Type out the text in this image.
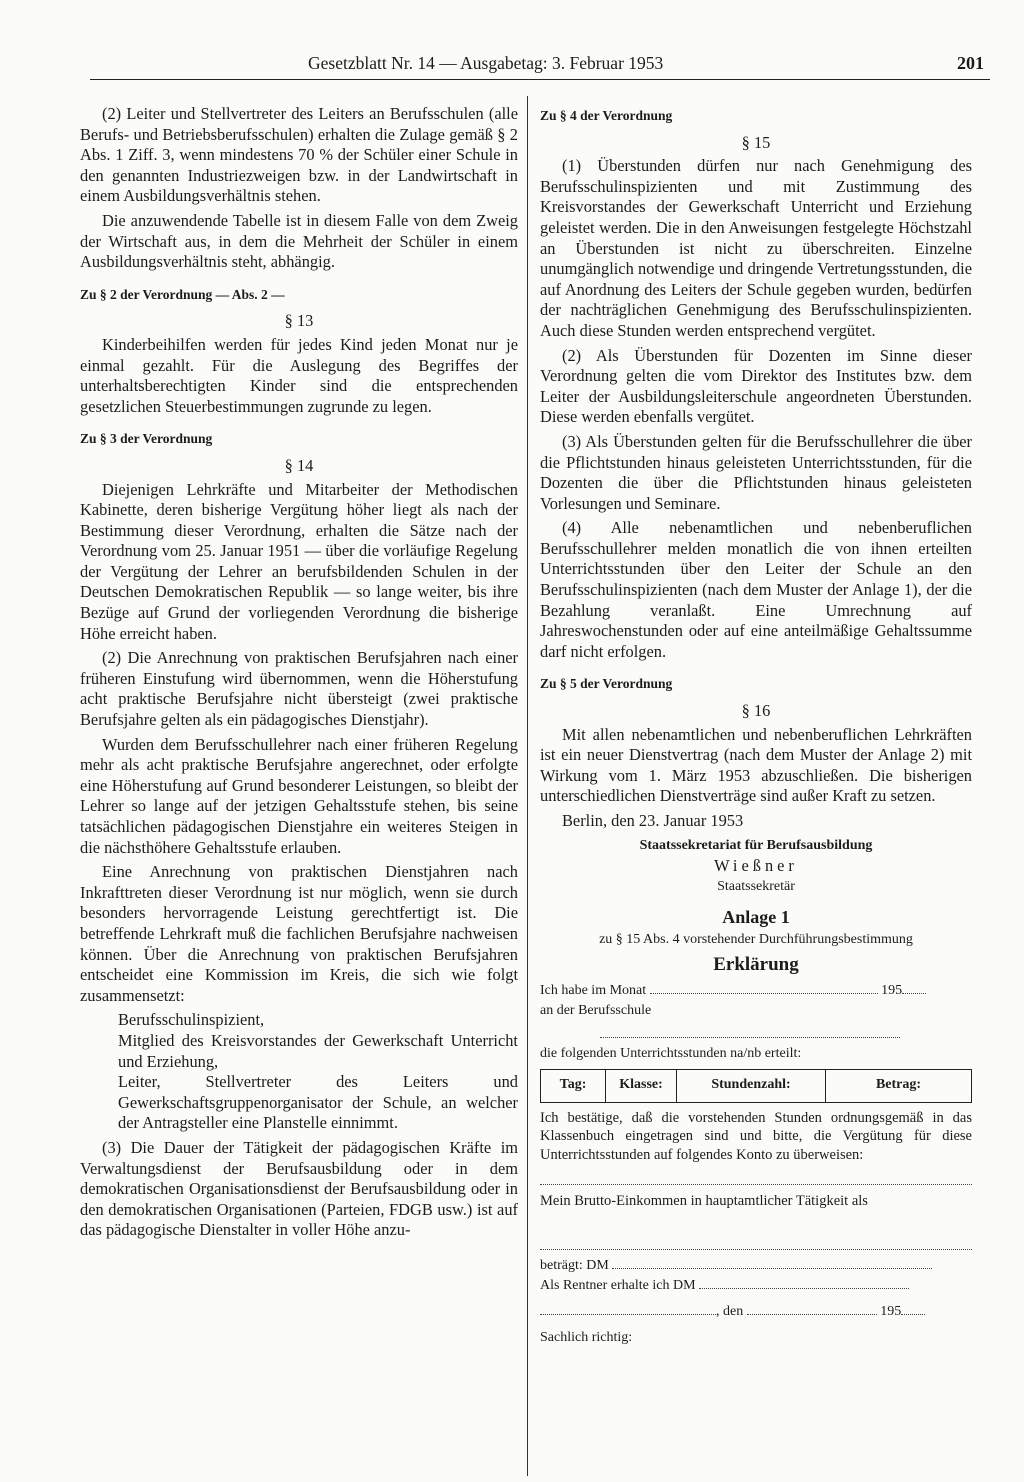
Gesetzblatt Nr. 14 — Ausgabetag: 3. Februar 1953	201

(2) Leiter und Stellvertreter des Leiters an Berufsschulen (alle Berufs- und Betriebsberufsschulen) erhalten die Zulage gemäß § 2 Abs. 1 Ziff. 3, wenn mindestens 70 % der Schüler einer Schule in den genannten Industriezweigen bzw. in der Landwirtschaft in einem Ausbildungsverhältnis stehen.

Die anzuwendende Tabelle ist in diesem Falle von dem Zweig der Wirtschaft aus, in dem die Mehrheit der Schüler in einem Ausbildungsverhältnis steht, abhängig.

Zu § 2 der Verordnung — Abs. 2 —
§ 13

Kinderbeihilfen werden für jedes Kind jeden Monat nur je einmal gezahlt. Für die Auslegung des Begriffes der unterhaltsberechtigten Kinder sind die entsprechenden gesetzlichen Steuerbestimmungen zugrunde zu legen.

Zu § 3 der Verordnung
§ 14

Diejenigen Lehrkräfte und Mitarbeiter der Methodischen Kabinette, deren bisherige Vergütung höher liegt als nach der Bestimmung dieser Verordnung, erhalten die Sätze nach der Verordnung vom 25. Januar 1951 — über die vorläufige Regelung der Vergütung der Lehrer an berufsbildenden Schulen in der Deutschen Demokratischen Republik — so lange weiter, bis ihre Bezüge auf Grund der vorliegenden Verordnung die bisherige Höhe erreicht haben.

(2) Die Anrechnung von praktischen Berufsjahren nach einer früheren Einstufung wird übernommen, wenn die Höherstufung acht praktische Berufsjahre nicht übersteigt (zwei praktische Berufsjahre gelten als ein pädagogisches Dienstjahr).

Wurden dem Berufsschullehrer nach einer früheren Regelung mehr als acht praktische Berufsjahre angerechnet, oder erfolgte eine Höherstufung auf Grund besonderer Leistungen, so bleibt der Lehrer so lange auf der jetzigen Gehaltsstufe stehen, bis seine tatsächlichen pädagogischen Dienstjahre ein weiteres Steigen in die nächsthöhere Gehaltsstufe erlauben.

Eine Anrechnung von praktischen Dienstjahren nach Inkrafttreten dieser Verordnung ist nur möglich, wenn sie durch besonders hervorragende Leistung gerechtfertigt ist. Die betreffende Lehrkraft muß die fachlichen Berufsjahre nachweisen können. Über die Anrechnung von praktischen Berufsjahren entscheidet eine Kommission im Kreis, die sich wie folgt zusammensetzt:

Berufsschulinspizient,
Mitglied des Kreisvorstandes der Gewerkschaft Unterricht und Erziehung,
Leiter, Stellvertreter des Leiters und Gewerkschaftsgruppenorganisator der Schule, an welcher der Antragsteller eine Planstelle einnimmt.

(3) Die Dauer der Tätigkeit der pädagogischen Kräfte im Verwaltungsdienst der Berufsausbildung oder in dem demokratischen Organisationsdienst der Berufsausbildung oder in den demokratischen Organisationen (Parteien, FDGB usw.) ist auf das pädagogische Dienstalter in voller Höhe anzu-

Zu § 4 der Verordnung
§ 15

(1) Überstunden dürfen nur nach Genehmigung des Berufsschulinspizienten und mit Zustimmung des Kreisvorstandes der Gewerkschaft Unterricht und Erziehung geleistet werden. Die in den Anweisungen festgelegte Höchstzahl an Überstunden ist nicht zu überschreiten. Einzelne unumgänglich notwendige und dringende Vertretungsstunden, die auf Anordnung des Leiters der Schule gegeben wurden, bedürfen der nachträglichen Genehmigung des Berufsschulinspizienten. Auch diese Stunden werden entsprechend vergütet.

(2) Als Überstunden für Dozenten im Sinne dieser Verordnung gelten die vom Direktor des Institutes bzw. dem Leiter der Ausbildungsleiterschule angeordneten Überstunden. Diese werden ebenfalls vergütet.

(3) Als Überstunden gelten für die Berufsschullehrer die über die Pflichtstunden hinaus geleisteten Unterrichtsstunden, für die Dozenten die über die Pflichtstunden hinaus geleisteten Vorlesungen und Seminare.

(4) Alle nebenamtlichen und nebenberuflichen Berufsschullehrer melden monatlich die von ihnen erteilten Unterrichtsstunden über den Leiter der Schule an den Berufsschulinspizienten (nach dem Muster der Anlage 1), der die Bezahlung veranlaßt. Eine Umrechnung auf Jahreswochenstunden oder auf eine anteilmäßige Gehaltssumme darf nicht erfolgen.

Zu § 5 der Verordnung
§ 16

Mit allen nebenamtlichen und nebenberuflichen Lehrkräften ist ein neuer Dienstvertrag (nach dem Muster der Anlage 2) mit Wirkung vom 1. März 1953 abzuschließen. Die bisherigen unterschiedlichen Dienstverträge sind außer Kraft zu setzen.

Berlin, den 23. Januar 1953

Staatssekretariat für Berufsausbildung
Wießner
Staatssekretär
Anlage 1
zu § 15 Abs. 4 vorstehender Durchführungsbestimmung
Erklärung
Ich habe im Monat	195
an der Berufsschule
die folgenden Unterrichtsstunden na/nb erteilt:
Tag:	Klasse:	Stundenzahl:	Betrag:

Ich bestätige, daß die vorstehenden Stunden ordnungsgemäß in das Klassenbuch eingetragen sind und bitte, die Vergütung für diese Unterrichtsstunden auf folgendes Konto zu überweisen:

Mein Brutto-Einkommen in hauptamtlicher Tätigkeit als

beträgt: DM
Als Rentner erhalte ich DM
, den	195
Sachlich richtig:
